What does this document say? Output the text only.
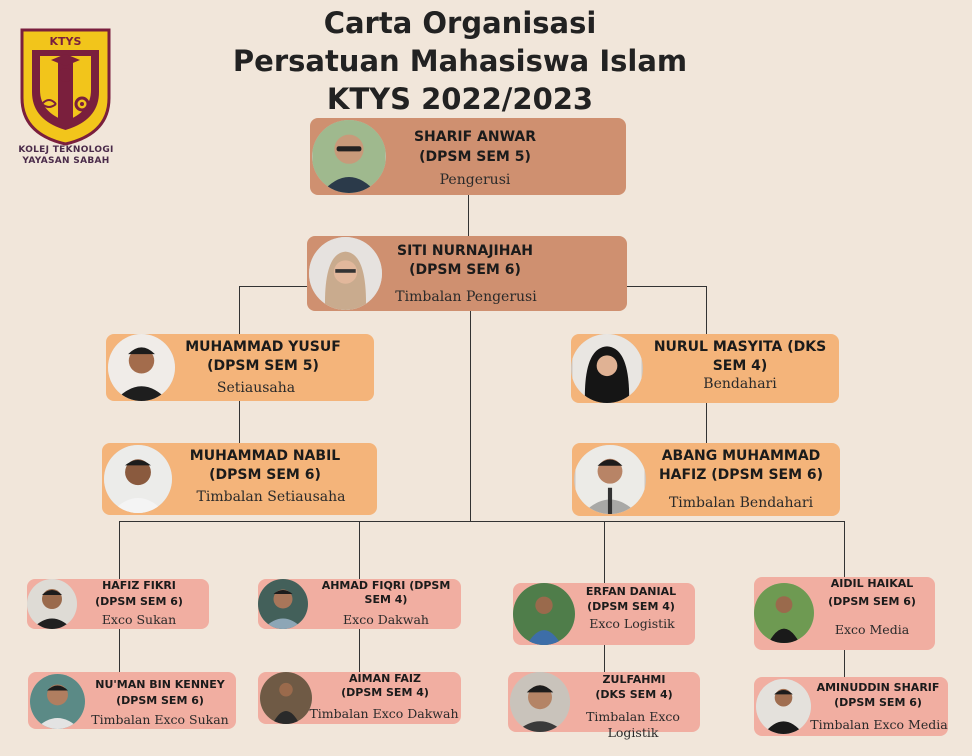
Carta Organisasi
Persatuan Mahasiswa Islam
KTYS 2022/2023
KTYS
KOLEJ TEKNOLOGI
YAYASAN SABAH
SHARIF ANWAR
(DPSM SEM 5)
Pengerusi
SITI NURNAJIHAH
(DPSM SEM 6)
Timbalan Pengerusi
MUHAMMAD YUSUF
(DPSM SEM 5)
Setiausaha
MUHAMMAD NABIL
(DPSM SEM 6)
Timbalan Setiausaha
NURUL MASYITA (DKS
SEM 4)
Bendahari
ABANG MUHAMMAD
HAFIZ (DPSM SEM 6)
Timbalan Bendahari
HAFIZ FIKRI
(DPSM SEM 6)
Exco Sukan
AHMAD FIQRI (DPSM
SEM 4)
Exco Dakwah
ERFAN DANIAL
(DPSM SEM 4)
Exco Logistik
AIDIL HAIKAL
(DPSM SEM 6)
Exco Media
NU'MAN BIN KENNEY
(DPSM SEM 6)
Timbalan Exco Sukan
AIMAN FAIZ
(DPSM SEM 4)
Timbalan Exco Dakwah
ZULFAHMI
(DKS SEM 4)
Timbalan Exco Logistik
AMINUDDIN SHARIF
(DPSM SEM 6)
Timbalan Exco Media
